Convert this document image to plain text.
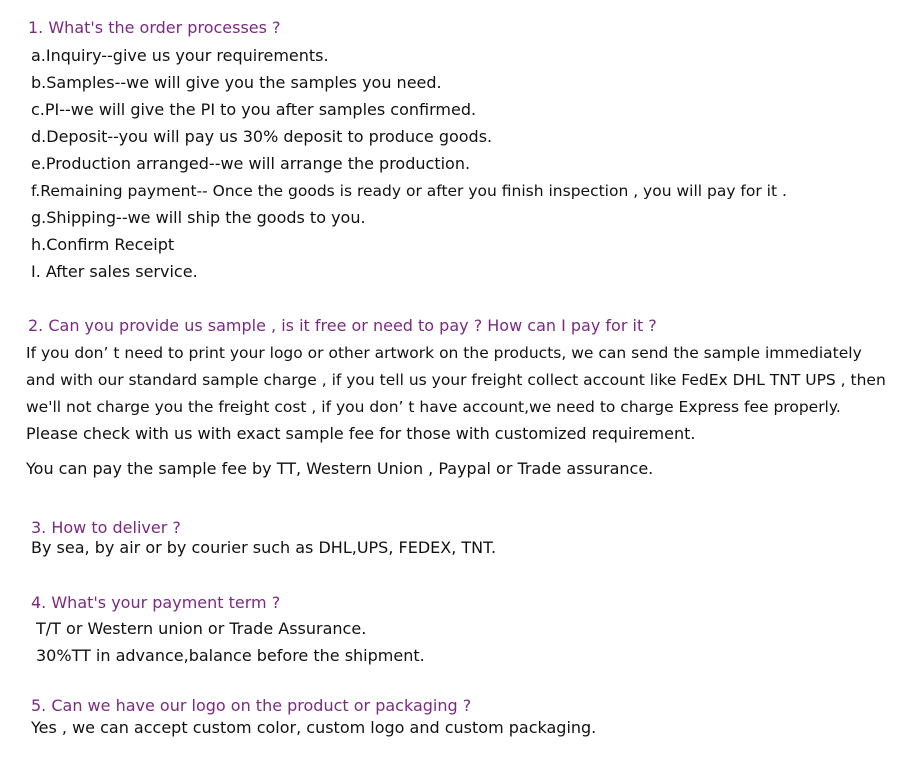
1. What's the order processes ?

a.Inquiry--give us your requirements.

b.Samples--we will give you the samples you need.

c.PI--we will give the PI to you after samples confirmed.

d.Deposit--you will pay us 30% deposit to produce goods.

e.Production arranged--we will arrange the production.

f.Remaining payment-- Once the goods is ready or after you finish inspection , you will pay for it .

g.Shipping--we will ship the goods to you.

h.Confirm Receipt

I. After sales service.

2. Can you provide us sample , is it free or need to pay ? How can I pay for it ?

If you don’ t need to print your logo or other artwork on the products, we can send the sample immediately

and with our standard sample charge , if you tell us your freight collect account like FedEx DHL TNT UPS , then

we'll not charge you the freight cost , if you don’ t have account,we need to charge Express fee properly.

Please check with us with exact sample fee for those with customized requirement.

You can pay the sample fee by TT, Western Union , Paypal or Trade assurance.

3. How to deliver ?

By sea, by air or by courier such as DHL,UPS, FEDEX, TNT.

4. What's your payment term ?

T/T or Western union or Trade Assurance.

30%TT in advance,balance before the shipment.

5. Can we have our logo on the product or packaging ?

Yes , we can accept custom color, custom logo and custom packaging.
